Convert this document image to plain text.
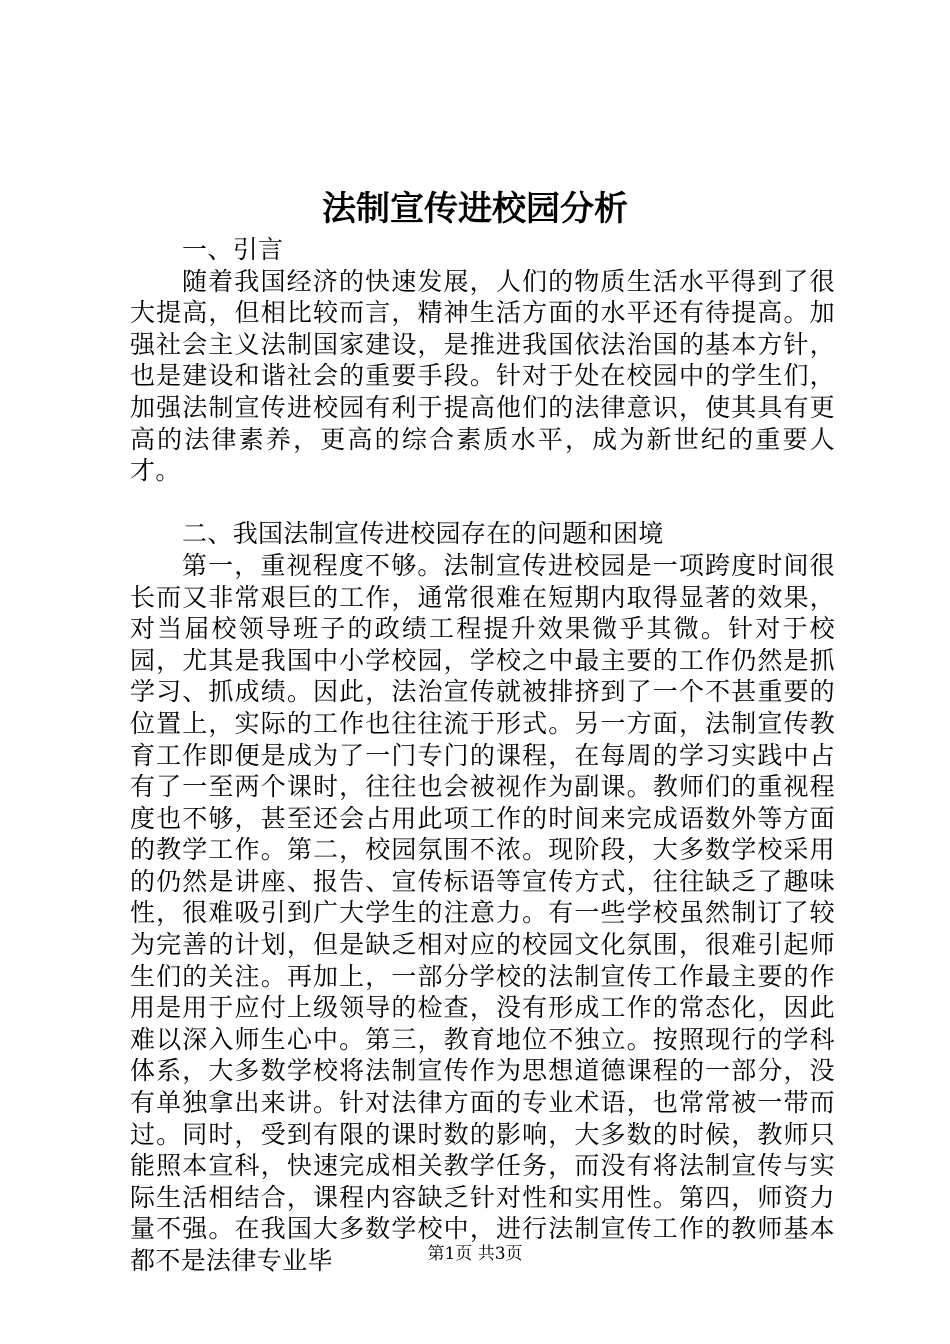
法制宣传进校园分析

一、引言

随着我国经济的快速发展，人们的物质生活水平得到了很大提高，但相比较而言，精神生活方面的水平还有待提高。加强社会主义法制国家建设，是推进我国依法治国的基本方针，也是建设和谐社会的重要手段。针对于处在校园中的学生们，加强法制宣传进校园有利于提高他们的法律意识，使其具有更高的法律素养，更高的综合素质水平，成为新世纪的重要人才。

二、我国法制宣传进校园存在的问题和困境

第一，重视程度不够。法制宣传进校园是一项跨度时间很长而又非常艰巨的工作，通常很难在短期内取得显著的效果，对当届校领导班子的政绩工程提升效果微乎其微。针对于校园，尤其是我国中小学校园，学校之中最主要的工作仍然是抓学习、抓成绩。因此，法治宣传就被排挤到了一个不甚重要的位置上，实际的工作也往往流于形式。另一方面，法制宣传教育工作即便是成为了一门专门的课程，在每周的学习实践中占有了一至两个课时，往往也会被视作为副课。教师们的重视程度也不够，甚至还会占用此项工作的时间来完成语数外等方面的教学工作。第二，校园氛围不浓。现阶段，大多数学校采用的仍然是讲座、报告、宣传标语等宣传方式，往往缺乏了趣味性，很难吸引到广大学生的注意力。有一些学校虽然制订了较为完善的计划，但是缺乏相对应的校园文化氛围，很难引起师生们的关注。再加上，一部分学校的法制宣传工作最主要的作用是用于应付上级领导的检查，没有形成工作的常态化，因此难以深入师生心中。第三，教育地位不独立。按照现行的学科体系，大多数学校将法制宣传作为思想道德课程的一部分，没有单独拿出来讲。针对法律方面的专业术语，也常常被一带而过。同时，受到有限的课时数的影响，大多数的时候，教师只能照本宣科，快速完成相关教学任务，而没有将法制宣传与实际生活相结合，课程内容缺乏针对性和实用性。第四，师资力量不强。在我国大多数学校中，进行法制宣传工作的教师基本都不是法律专业毕	第1页 共3页
